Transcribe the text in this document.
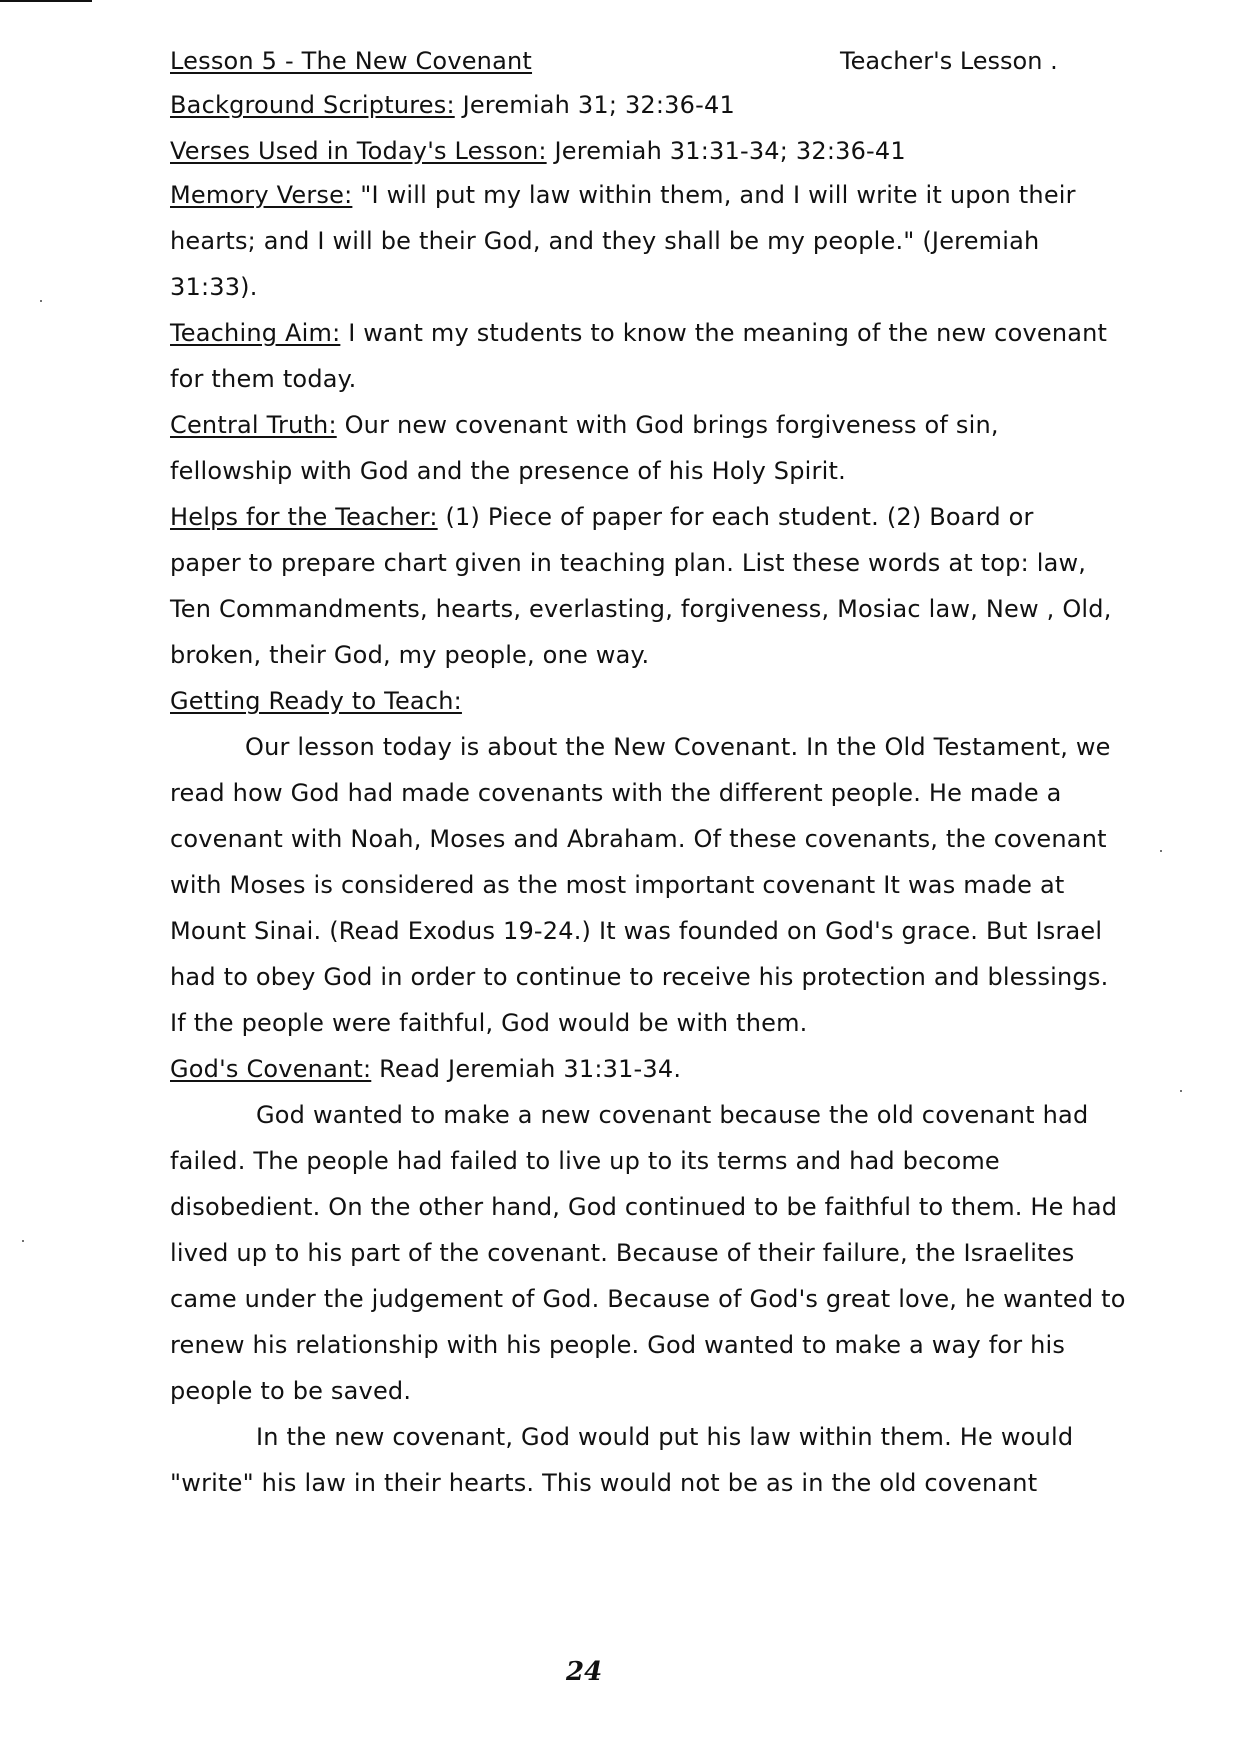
Lesson 5 - The New Covenant	Teacher's Lesson .
Background Scriptures: Jeremiah 31; 32:36-41
Verses Used in Today's Lesson: Jeremiah 31:31-34; 32:36-41
Memory Verse: "I will put my law within them, and I will write it upon their
hearts; and I will be their God, and they shall be my people." (Jeremiah
31:33).
Teaching Aim: I want my students to know the meaning of the new covenant
for them today.
Central Truth: Our new covenant with God brings forgiveness of sin,
fellowship with God and the presence of his Holy Spirit.
Helps for the Teacher: (1) Piece of paper for each student. (2) Board or
paper to prepare chart given in teaching plan. List these words at top: law,
Ten Commandments, hearts, everlasting, forgiveness, Mosiac law, New , Old,
broken, their God, my people, one way.
Getting Ready to Teach:
Our lesson today is about the New Covenant. In the Old Testament, we
read how God had made covenants with the different people. He made a
covenant with Noah, Moses and Abraham. Of these covenants, the covenant
with Moses is considered as the most important covenant It was made at
Mount Sinai. (Read Exodus 19-24.) It was founded on God's grace. But Israel
had to obey God in order to continue to receive his protection and blessings.
If the people were faithful, God would be with them.
God's Covenant: Read Jeremiah 31:31-34.
God wanted to make a new covenant because the old covenant had
failed. The people had failed to live up to its terms and had become
disobedient. On the other hand, God continued to be faithful to them. He had
lived up to his part of the covenant. Because of their failure, the Israelites
came under the judgement of God. Because of God's great love, he wanted to
renew his relationship with his people. God wanted to make a way for his
people to be saved.
In the new covenant, God would put his law within them. He would
"write" his law in their hearts. This would not be as in the old covenant
24
